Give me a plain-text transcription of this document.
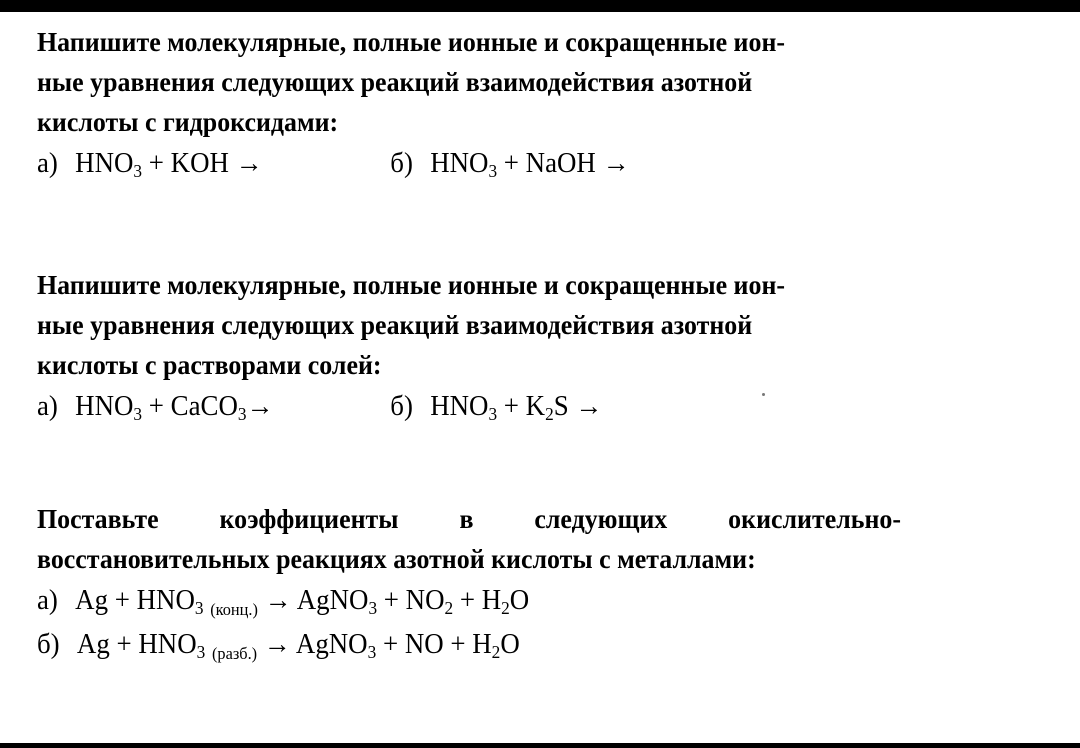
Напишите молекулярные, полные ионные и сокращенные ион-

ные уравнения следующих реакций взаимодействия азотной

кислоты с гидроксидами:

а) $HNO_3$ + KOH →	б) $HNO_3$ + NaOH →

Напишите молекулярные, полные ионные и сокращенные ион-

ные уравнения следующих реакций взаимодействия азотной

кислоты с растворами солей:

а) $HNO_3$ + CaCO$_3$→	б) $HNO_3 + K_2S$ →

Поставьте коэффициенты в следующих окислительно-

восстановительных реакциях азотной кислоты с металлами:

а) $Ag + HNO_3$ $_{(конц.)}$ → AgNO$_3$ + $NO_2 + H_2O$
б) $Ag + HNO_3$ $_{(разб.)}$ → AgNO$_3$ + NO + $H_2O$
